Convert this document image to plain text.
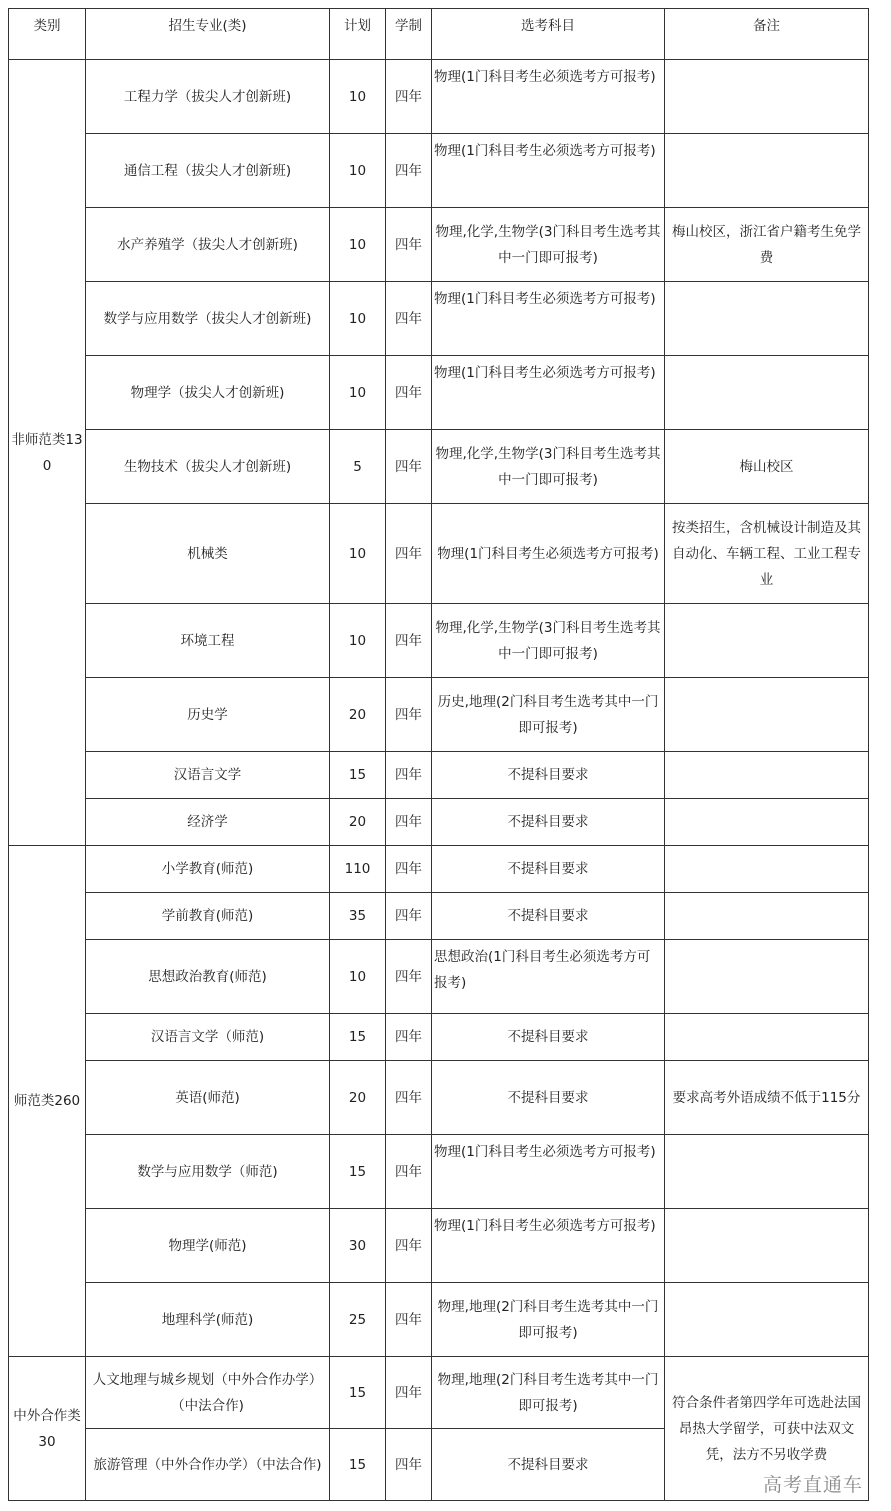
类别	招生专业(类)	计划	学制	选考科目	备注
非师范类130	工程力学（拔尖人才创新班)	10	四年	物理(1门科目考生必须选考方可报考)	
	通信工程（拔尖人才创新班)	10	四年	物理(1门科目考生必须选考方可报考)	
	水产养殖学（拔尖人才创新班)	10	四年	物理,化学,生物学(3门科目考生选考其中一门即可报考)	梅山校区，浙江省户籍考生免学费
	数学与应用数学（拔尖人才创新班)	10	四年	物理(1门科目考生必须选考方可报考)	
	物理学（拔尖人才创新班)	10	四年	物理(1门科目考生必须选考方可报考)	
	生物技术（拔尖人才创新班)	5	四年	物理,化学,生物学(3门科目考生选考其中一门即可报考)	梅山校区
	机械类	10	四年	物理(1门科目考生必须选考方可报考)	按类招生，含机械设计制造及其自动化、车辆工程、工业工程专业
	环境工程	10	四年	物理,化学,生物学(3门科目考生选考其中一门即可报考)	
	历史学	20	四年	历史,地理(2门科目考生选考其中一门即可报考)	
	汉语言文学	15	四年	不提科目要求	
	经济学	20	四年	不提科目要求	
师范类260	小学教育(师范)	110	四年	不提科目要求	
	学前教育(师范)	35	四年	不提科目要求	
	思想政治教育(师范)	10	四年	思想政治(1门科目考生必须选考方可报考)	
	汉语言文学（师范)	15	四年	不提科目要求	
	英语(师范)	20	四年	不提科目要求	要求高考外语成绩不低于115分
	数学与应用数学（师范)	15	四年	物理(1门科目考生必须选考方可报考)	
	物理学(师范)	30	四年	物理(1门科目考生必须选考方可报考)	
	地理科学(师范)	25	四年	物理,地理(2门科目考生选考其中一门即可报考)	
中外合作类30	人文地理与城乡规划（中外合作办学）（中法合作)	15	四年	物理,地理(2门科目考生选考其中一门即可报考)	符合条件者第四学年可选赴法国昂热大学留学，可获中法双文凭，法方不另收学费
	旅游管理（中外合作办学）（中法合作)	15	四年	不提科目要求	
高考直通车
